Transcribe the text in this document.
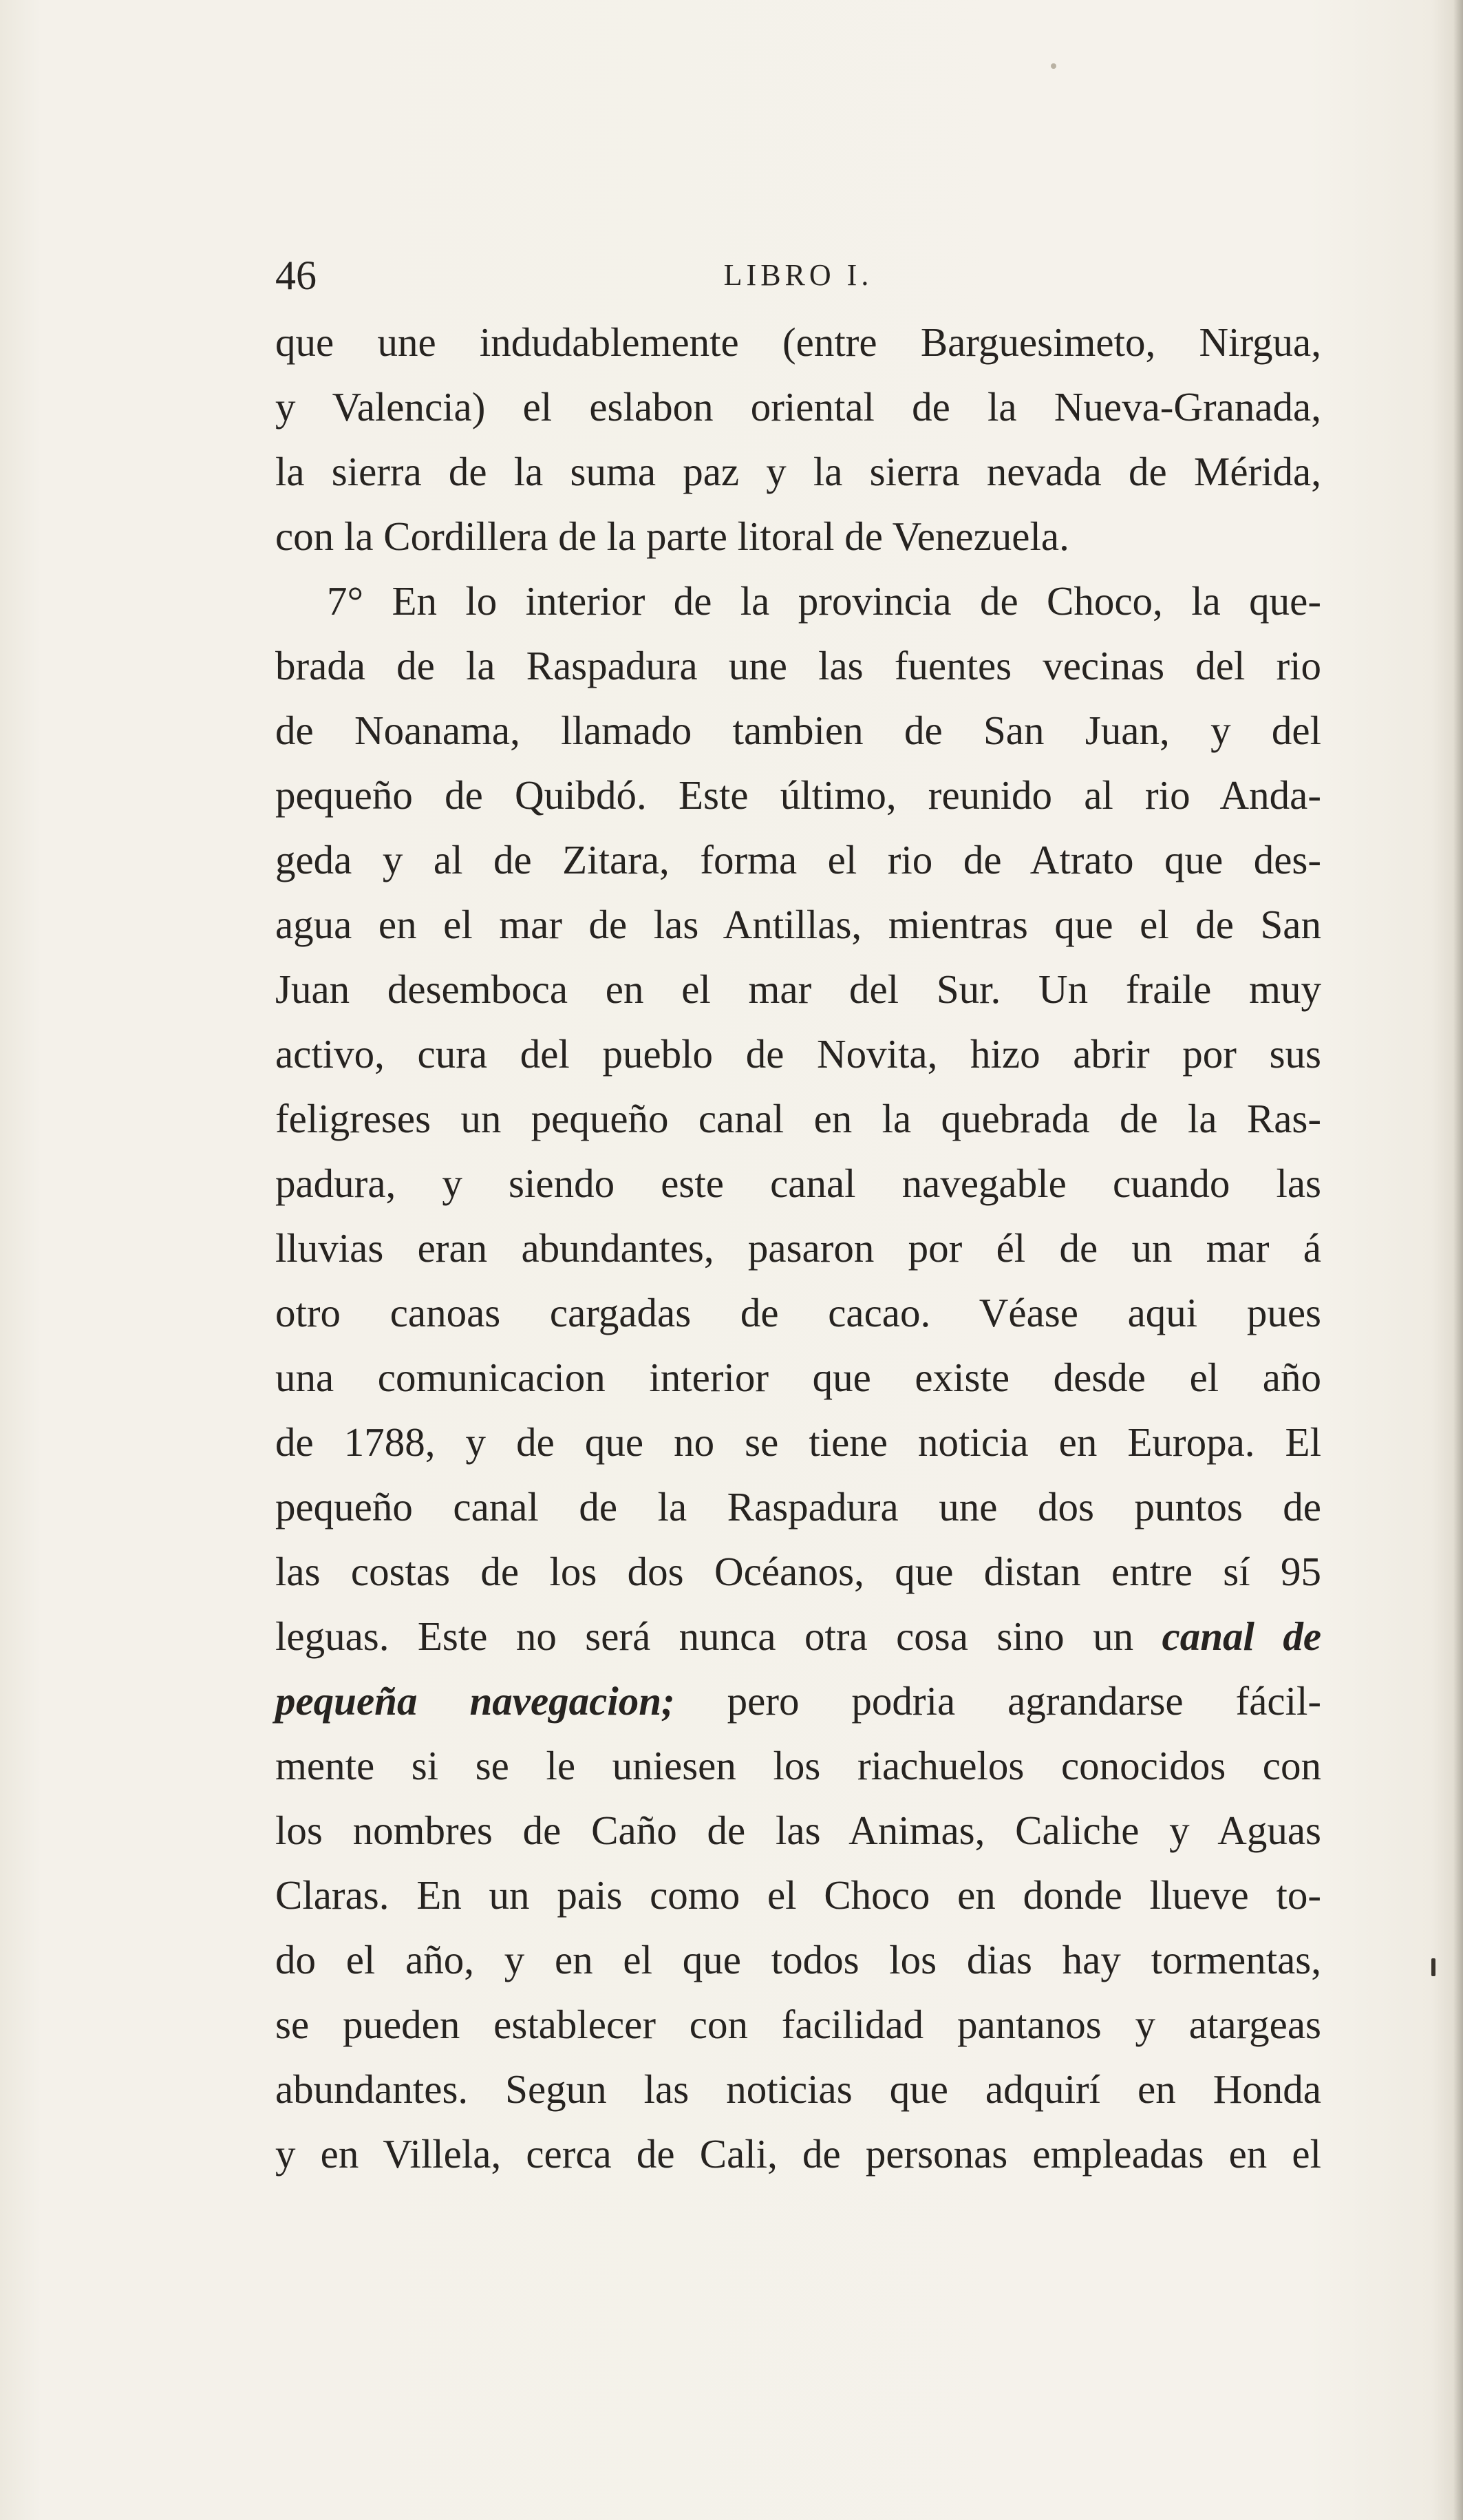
46	LIBRO I.
que une indudablemente (entre Barguesimeto, Nirgua,
y Valencia) el eslabon oriental de la Nueva-Granada,
la sierra de la suma paz y la sierra nevada de Mérida,
con la Cordillera de la parte litoral de Venezuela.
7° En lo interior de la provincia de Choco, la que-
brada de la Raspadura une las fuentes vecinas del rio
de Noanama, llamado tambien de San Juan, y del
pequeño de Quibdó. Este último, reunido al rio Anda-
geda y al de Zitara, forma el rio de Atrato que des-
agua en el mar de las Antillas, mientras que el de San
Juan desemboca en el mar del Sur. Un fraile muy
activo, cura del pueblo de Novita, hizo abrir por sus
feligreses un pequeño canal en la quebrada de la Ras-
padura, y siendo este canal navegable cuando las
lluvias eran abundantes, pasaron por él de un mar á
otro canoas cargadas de cacao. Véase aqui pues
una comunicacion interior que existe desde el año
de 1788, y de que no se tiene noticia en Europa. El
pequeño canal de la Raspadura une dos puntos de
las costas de los dos Océanos, que distan entre sí 95
leguas. Este no será nunca otra cosa sino un canal de
pequeña navegacion; pero podria agrandarse fácil-
mente si se le uniesen los riachuelos conocidos con
los nombres de Caño de las Animas, Caliche y Aguas
Claras. En un pais como el Choco en donde llueve to-
do el año, y en el que todos los dias hay tormentas,
se pueden establecer con facilidad pantanos y atargeas
abundantes. Segun las noticias que adquirí en Honda
y en Villela, cerca de Cali, de personas empleadas en el
